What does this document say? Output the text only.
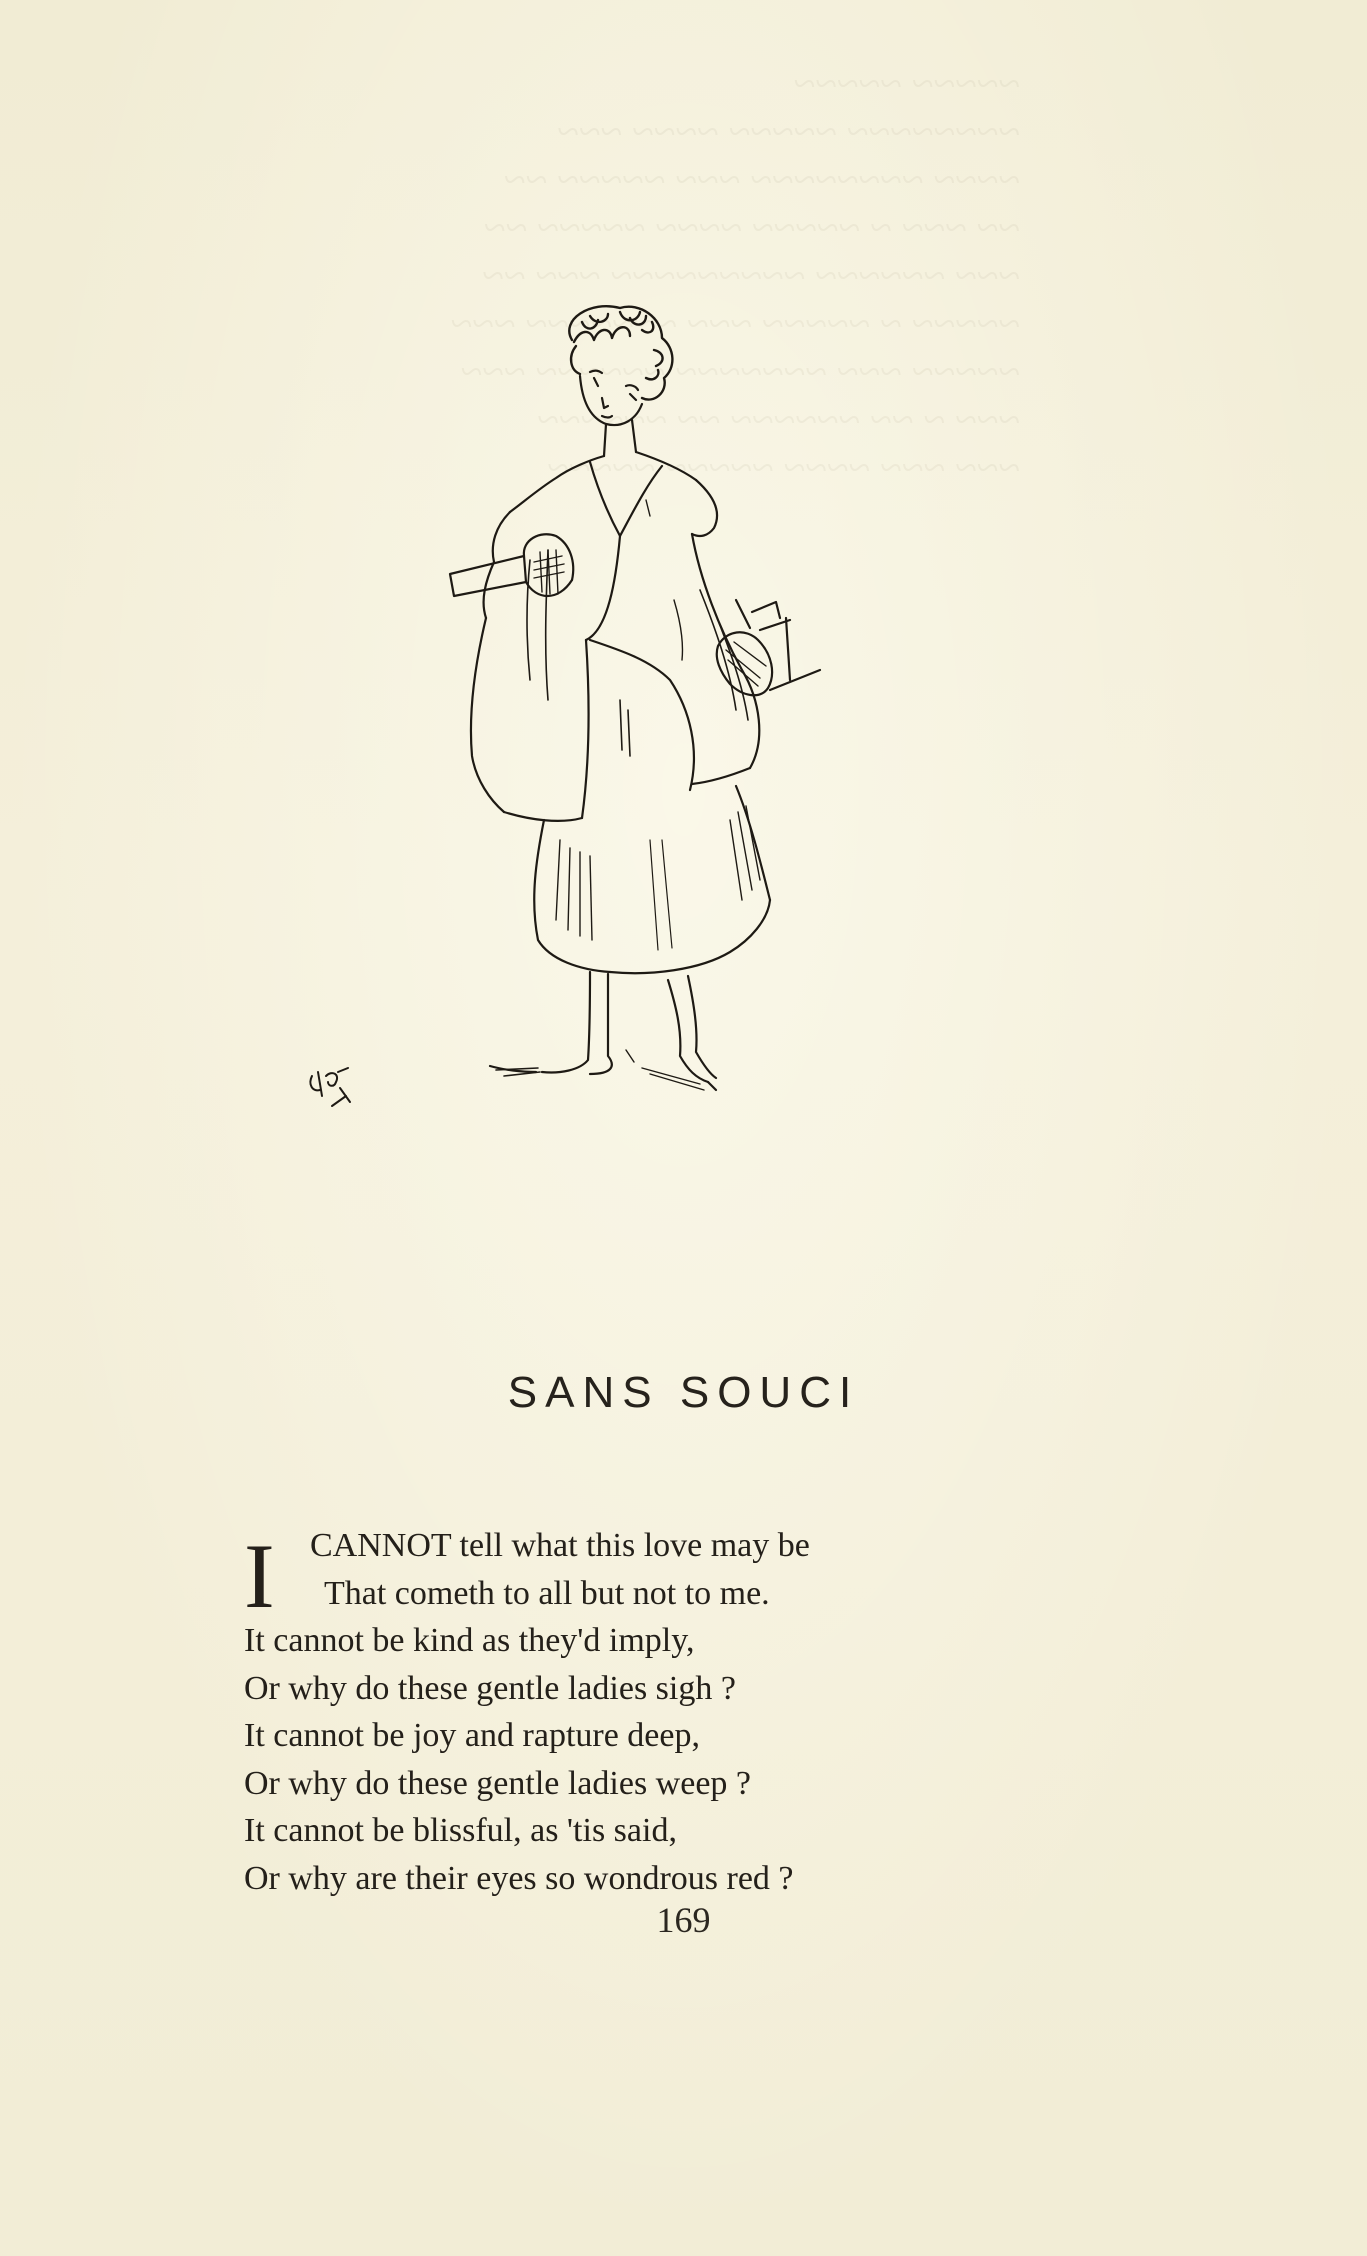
~~~~~ ~~~~~
~~~~~~~~ ~~~~~ ~~~~ ~~~
~~~~ ~~~~~~~~ ~~~ ~~~~~ ~~
~~ ~~~ ~ ~~~~~ ~~~~ ~~~~~ ~~
~~~ ~~~~~~ ~~~~~~~~~ ~~~ ~~
~~~~~ ~ ~~~~~ ~~~ ~~~~~~~ ~~~
~~~~~ ~~~ ~~~~~~~ ~~~~~~ ~~~
~~~ ~ ~~ ~~~~~~ ~~ ~~~~~~
~~~ ~~~ ~~~~ ~~~~~ ~~~~~
SANS SOUCI
I CANNOT tell what this love may be
That cometh to all but not to me.
It cannot be kind as they'd imply,
Or why do these gentle ladies sigh ?
It cannot be joy and rapture deep,
Or why do these gentle ladies weep ?
It cannot be blissful, as 'tis said,
Or why are their eyes so wondrous red ?
169
